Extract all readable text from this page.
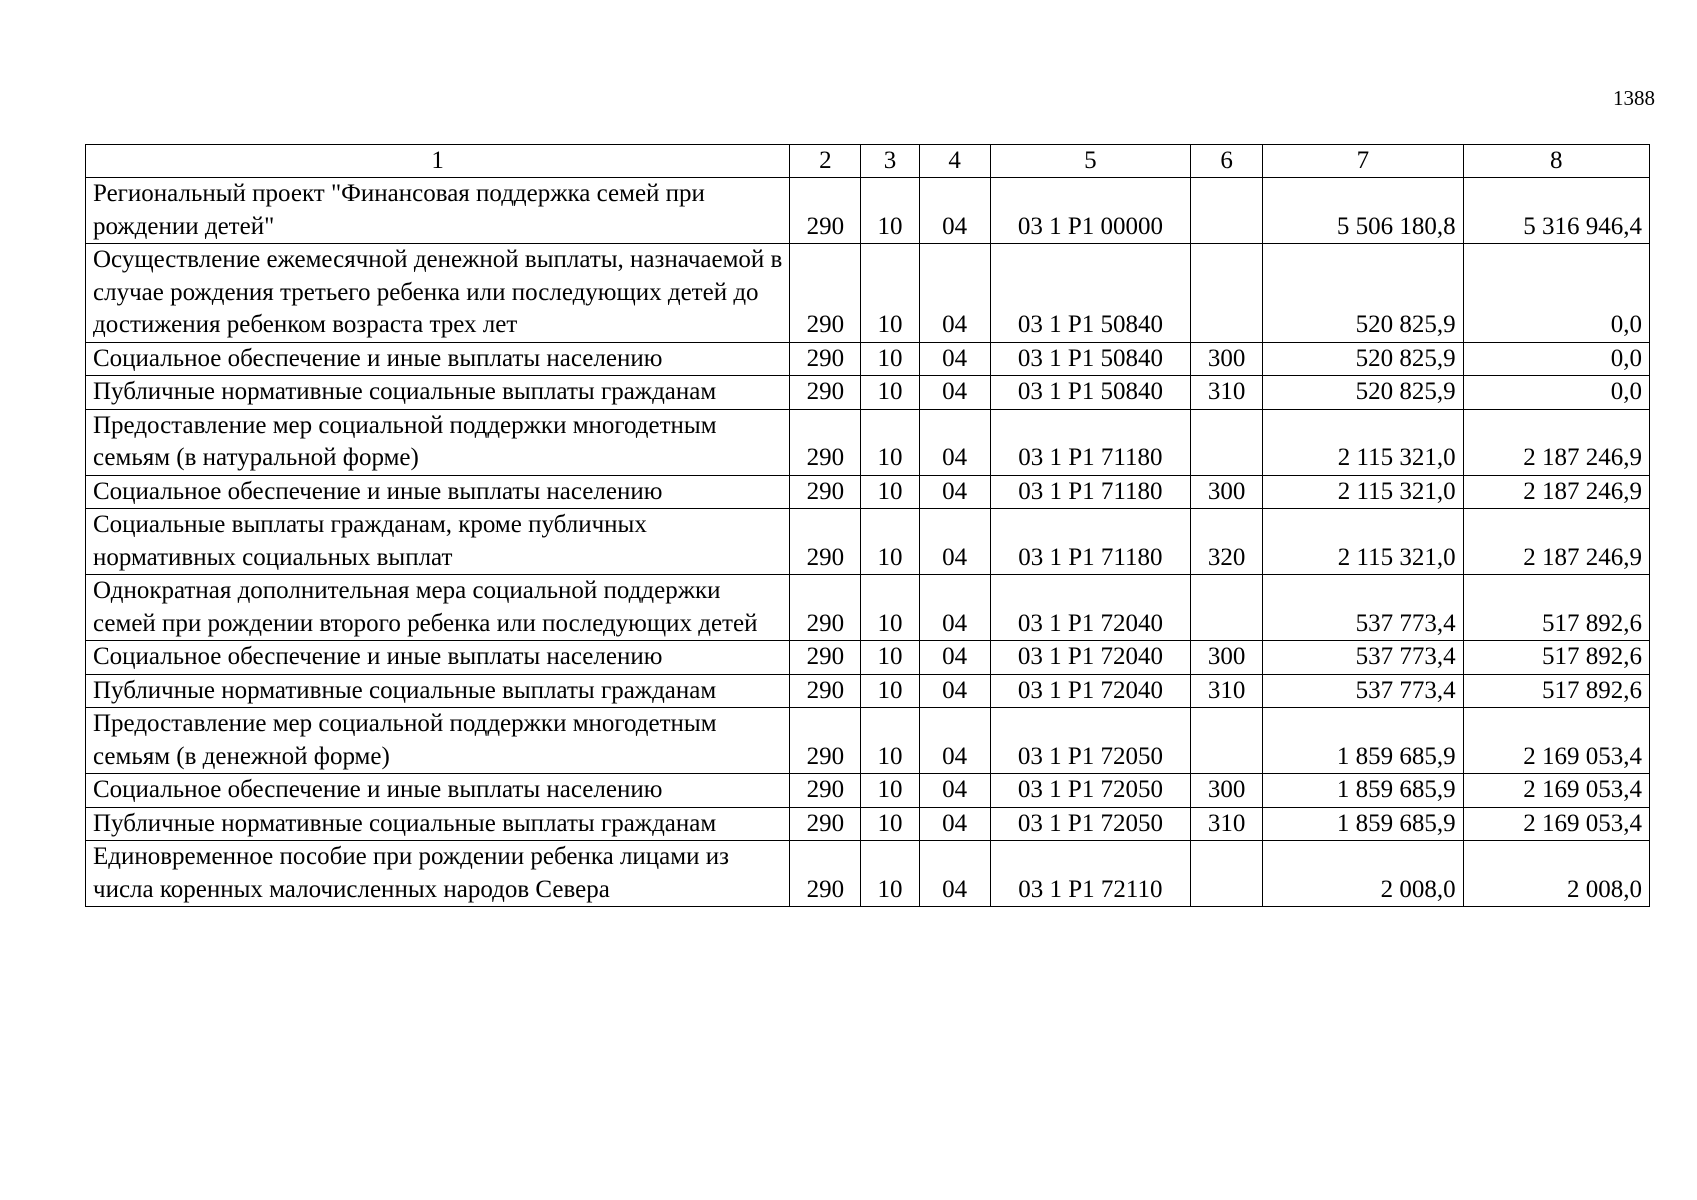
1388
1	2	3	4	5	6	7	8
Региональный проект "Финансовая поддержка семей при рождении детей"	290	10	04	03 1 P1 00000		5 506 180,8	5 316 946,4
Осуществление ежемесячной денежной выплаты, назначаемой в случае рождения третьего ребенка или последующих детей до достижения ребенком возраста трех лет	290	10	04	03 1 P1 50840		520 825,9	0,0
Социальное обеспечение и иные выплаты населению	290	10	04	03 1 P1 50840	300	520 825,9	0,0
Публичные нормативные социальные выплаты гражданам	290	10	04	03 1 P1 50840	310	520 825,9	0,0
Предоставление мер социальной поддержки многодетным семьям (в натуральной форме)	290	10	04	03 1 P1 71180		2 115 321,0	2 187 246,9
Социальное обеспечение и иные выплаты населению	290	10	04	03 1 P1 71180	300	2 115 321,0	2 187 246,9
Социальные выплаты гражданам, кроме публичных нормативных социальных выплат	290	10	04	03 1 P1 71180	320	2 115 321,0	2 187 246,9
Однократная дополнительная мера социальной поддержки семей при рождении второго ребенка или последующих детей	290	10	04	03 1 P1 72040		537 773,4	517 892,6
Социальное обеспечение и иные выплаты населению	290	10	04	03 1 P1 72040	300	537 773,4	517 892,6
Публичные нормативные социальные выплаты гражданам	290	10	04	03 1 P1 72040	310	537 773,4	517 892,6
Предоставление мер социальной поддержки многодетным семьям (в денежной форме)	290	10	04	03 1 P1 72050		1 859 685,9	2 169 053,4
Социальное обеспечение и иные выплаты населению	290	10	04	03 1 P1 72050	300	1 859 685,9	2 169 053,4
Публичные нормативные социальные выплаты гражданам	290	10	04	03 1 P1 72050	310	1 859 685,9	2 169 053,4
Единовременное пособие при рождении ребенка лицами из числа коренных малочисленных народов Севера	290	10	04	03 1 P1 72110		2 008,0	2 008,0
